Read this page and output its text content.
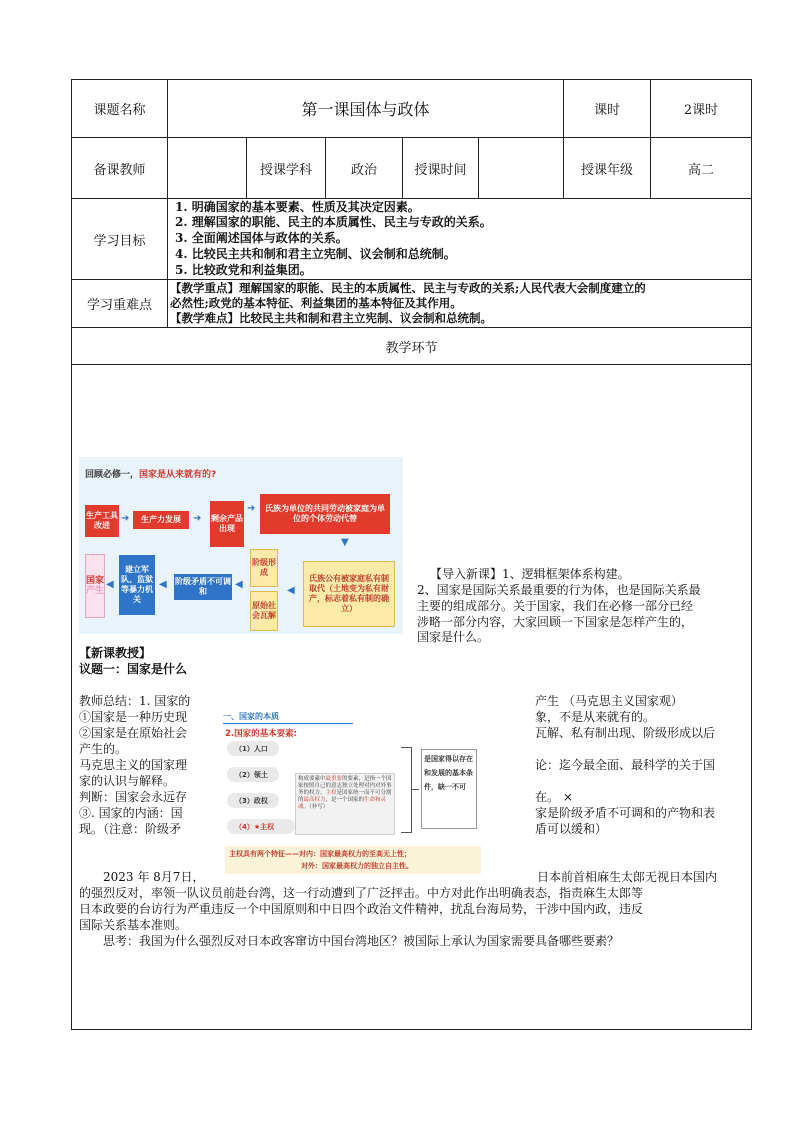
课题名称	第一课国体与政体	课时	2课时
备课教师	授课学科	政治	授课时间	授课年级	高二
学习目标
1. 明确国家的基本要素、性质及其决定因素。
2. 理解国家的职能、民主的本质属性、民主与专政的关系。
3. 全面阐述国体与政体的关系。
4. 比较民主共和制和君主立宪制、议会制和总统制。
5. 比较政党和利益集团。
学习重难点
【教学重点】理解国家的职能、民主的本质属性、民主与专政的关系;人民代表大会制度建立的
必然性;政党的基本特征、利益集团的基本特征及其作用。
【教学难点】比较民主共和制和君主立宪制、议会制和总统制。
教学环节
回顾必修一，国家是从来就有的?
生产工具改进
➜	生产力发展	➜ 剩余产品出现
➜	氏族为单位的共同劳动被家庭为单位的个体劳动代替
▼
氏族公有被家庭私有制取代（土地变为私有财产，标志着私有制的确立）
◀
阶级形成
原始社会瓦解
◀
阶级矛盾不可调和
◀
建立军队、监狱等暴力机关
◀
国家
产生
【导入新课】1、逻辑框架体系构建。
2、国家是国际关系最重要的行为体，也是国际关系最
主要的组成部分。关于国家，我们在必修一部分已经
涉略一部分内容，大家回顾一下国家是怎样产生的，
国家是什么。
【新课教授】
议题一：国家是什么
教师总结：1. 国家的
①国家是一种历史现
②国家是在原始社会
产生的。
马克思主义的国家理
家的认识与解释。
判断：国家会永远存
③. 国家的内涵：国
现。（注意：阶级矛
产生 （马克思主义国家观）
象，不是从来就有的。
瓦解、私有制出现、阶级形成以后
论：迄今最全面、最科学的关于国
在。 ×
家是阶级矛盾不可调和的产物和表
盾可以缓和）
一、国家的本质
2.国家的基本要素:
（1）人口
（2）领土
（3）政权
（4）★主权
构成要素中最重要的要素，是指一个国家按照自己的意志独立处理对内对外事务的权力。主权是国家统一而不可分割的最高权力，是一个国家的生命和灵魂。（补写）
是国家得以存在和发展的基本条件，缺一不可
主权具有两个特征——对内：国家最高权力的至高无上性；
对外：国家最高权力的独立自主性。
2023 年 8月7日，	日本前首相麻生太郎无视日本国内
的强烈反对，率领一队议员前赴台湾，这一行动遭到了广泛抨击。中方对此作出明确表态，指责麻生太郎等
日本政要的台访行为严重违反一个中国原则和中日四个政治文件精神，扰乱台海局势，干涉中国内政，违反
国际关系基本准则。
思考：我国为什么强烈反对日本政客窜访中国台湾地区？被国际上承认为国家需要具备哪些要素？
